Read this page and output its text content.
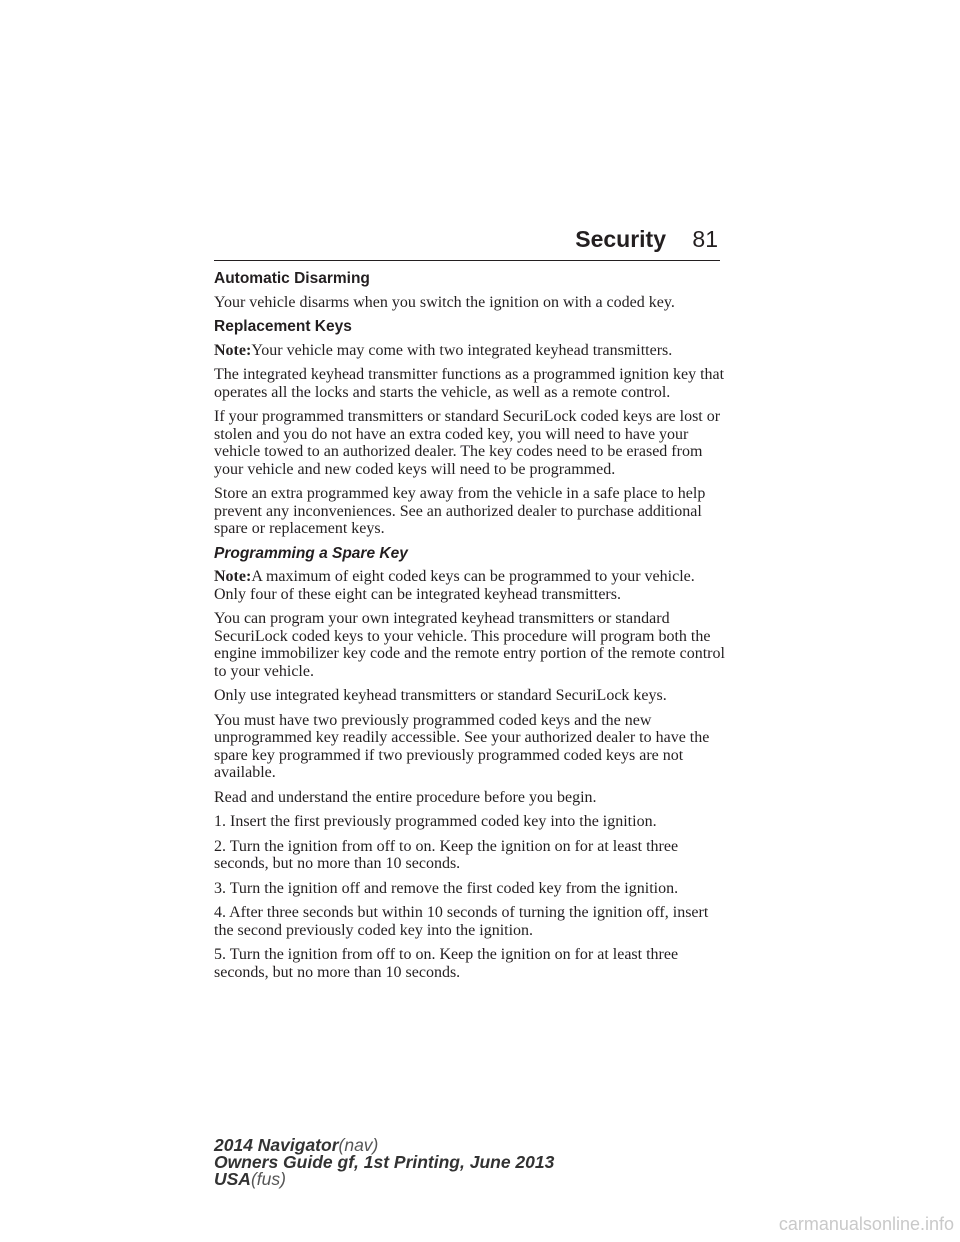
Security 81
Automatic Disarming

Your vehicle disarms when you switch the ignition on with a coded key.

Replacement Keys

Note:Your vehicle may come with two integrated keyhead transmitters.

The integrated keyhead transmitter functions as a programmed ignition key that operates all the locks and starts the vehicle, as well as a remote control.

If your programmed transmitters or standard SecuriLock coded keys are lost or stolen and you do not have an extra coded key, you will need to have your vehicle towed to an authorized dealer. The key codes need to be erased from your vehicle and new coded keys will need to be programmed.

Store an extra programmed key away from the vehicle in a safe place to help prevent any inconveniences. See an authorized dealer to purchase additional spare or replacement keys.

Programming a Spare Key

Note:A maximum of eight coded keys can be programmed to your vehicle. Only four of these eight can be integrated keyhead transmitters.

You can program your own integrated keyhead transmitters or standard SecuriLock coded keys to your vehicle. This procedure will program both the engine immobilizer key code and the remote entry portion of the remote control to your vehicle.

Only use integrated keyhead transmitters or standard SecuriLock keys.

You must have two previously programmed coded keys and the new unprogrammed key readily accessible. See your authorized dealer to have the spare key programmed if two previously programmed coded keys are not available.

Read and understand the entire procedure before you begin.

1. Insert the first previously programmed coded key into the ignition.

2. Turn the ignition from off to on. Keep the ignition on for at least three seconds, but no more than 10 seconds.

3. Turn the ignition off and remove the first coded key from the ignition.

4. After three seconds but within 10 seconds of turning the ignition off, insert the second previously coded key into the ignition.

5. Turn the ignition from off to on. Keep the ignition on for at least three seconds, but no more than 10 seconds.

2014 Navigator(nav)
Owners Guide gf, 1st Printing, June 2013
USA(fus)
carmanualsonline.info
